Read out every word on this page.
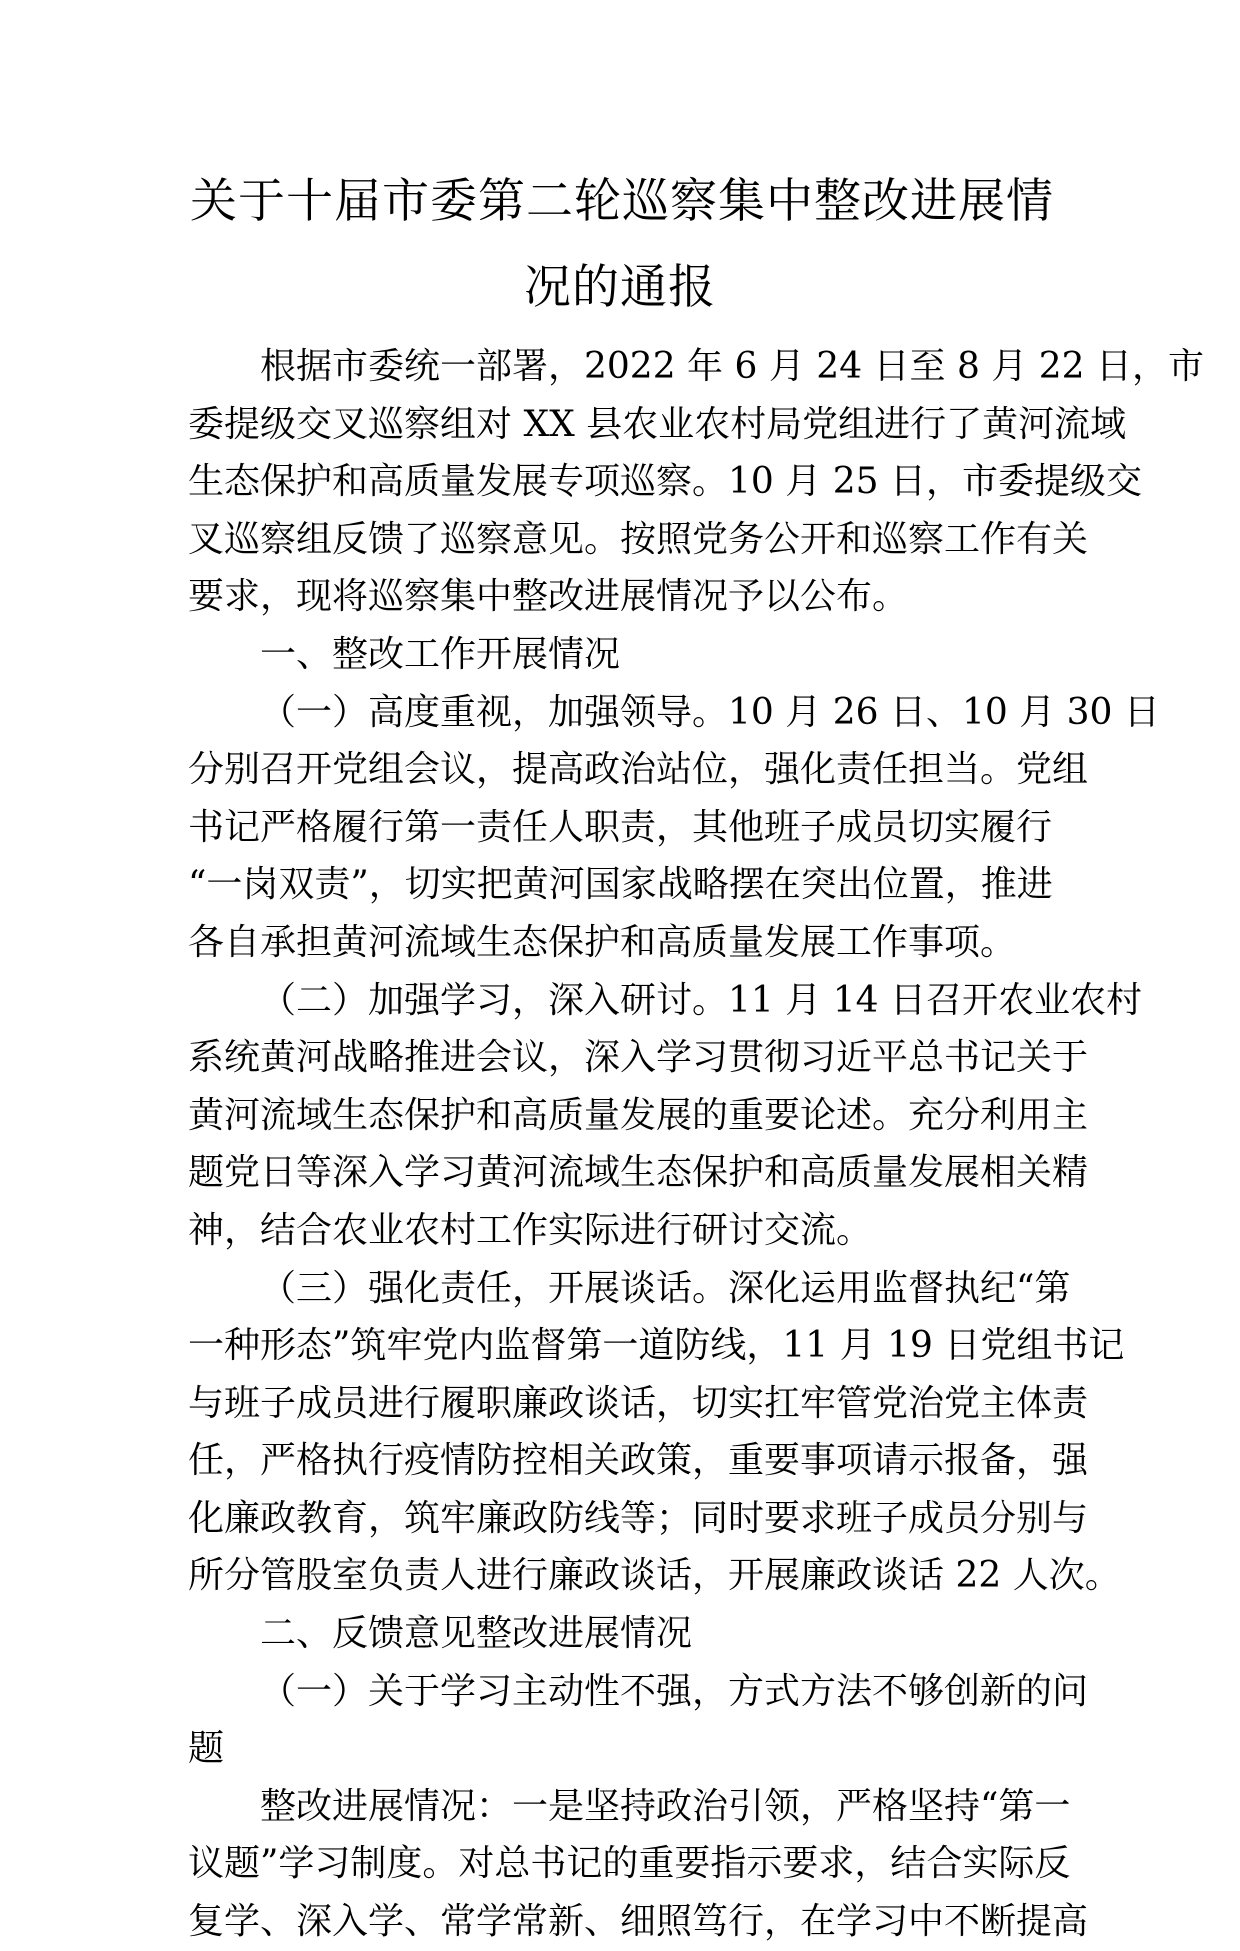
关于十届市委第二轮巡察集中整改进展情
况的通报
根据市委统一部署，2022 年 6 月 24 日至 8 月 22 日，市
委提级交叉巡察组对 XX 县农业农村局党组进行了黄河流域
生态保护和高质量发展专项巡察。10 月 25 日，市委提级交
叉巡察组反馈了巡察意见。按照党务公开和巡察工作有关
要求，现将巡察集中整改进展情况予以公布。
一、整改工作开展情况
（一）高度重视，加强领导。10 月 26 日、10 月 30 日
分别召开党组会议，提高政治站位，强化责任担当。党组
书记严格履行第一责任人职责，其他班子成员切实履行
“一岗双责”，切实把黄河国家战略摆在突出位置，推进
各自承担黄河流域生态保护和高质量发展工作事项。
（二）加强学习，深入研讨。11 月 14 日召开农业农村
系统黄河战略推进会议，深入学习贯彻习近平总书记关于
黄河流域生态保护和高质量发展的重要论述。充分利用主
题党日等深入学习黄河流域生态保护和高质量发展相关精
神，结合农业农村工作实际进行研讨交流。
（三）强化责任，开展谈话。深化运用监督执纪“第
一种形态”筑牢党内监督第一道防线，11 月 19 日党组书记
与班子成员进行履职廉政谈话，切实扛牢管党治党主体责
任，严格执行疫情防控相关政策，重要事项请示报备，强
化廉政教育，筑牢廉政防线等；同时要求班子成员分别与
所分管股室负责人进行廉政谈话，开展廉政谈话 22 人次。
二、反馈意见整改进展情况
（一）关于学习主动性不强，方式方法不够创新的问
题
整改进展情况：一是坚持政治引领，严格坚持“第一
议题”学习制度。对总书记的重要指示要求，结合实际反
复学、深入学、常学常新、细照笃行，在学习中不断提高
